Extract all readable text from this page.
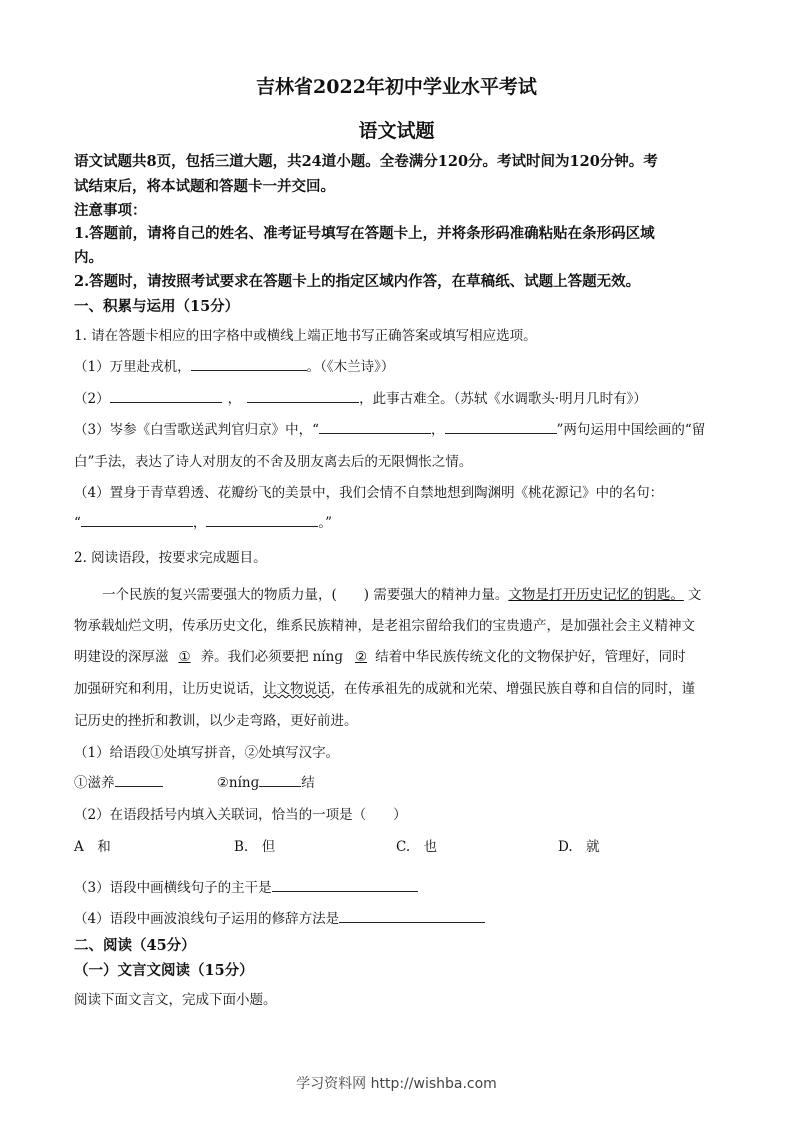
吉林省2022年初中学业水平考试
语文试题
语文试题共8页，包括三道大题，共24道小题。全卷满分120分。考试时间为120分钟。考
试结束后，将本试题和答题卡一并交回。
注意事项：
1.答题前，请将自己的姓名、准考证号填写在答题卡上，并将条形码准确粘贴在条形码区域
内。
2.答题时，请按照考试要求在答题卡上的指定区域内作答，在草稿纸、试题上答题无效。
一、积累与运用（15分）
1. 请在答题卡相应的田字格中或横线上端正地书写正确答案或填写相应选项。
（1）万里赴戎机，	。（《木兰诗》）
（2）	，	，此事古难全。（苏轼《水调歌头·明月几时有》）
（3）岑参《白雪歌送武判官归京》中，“	，	”两句运用中国绘画的“留
白”手法，表达了诗人对朋友的不舍及朋友离去后的无限惆怅之情。
（4）置身于青草碧透、花瓣纷飞的美景中，我们会情不自禁地想到陶渊明《桃花源记》中的名句：
“	，	。”
2. 阅读语段，按要求完成题目。
一个民族的复兴需要强大的物质力量，(　　) 需要强大的精神力量。文物是打开历史记忆的钥匙。 文
物承载灿烂文明，传承历史文化，维系民族精神，是老祖宗留给我们的宝贵遗产，是加强社会主义精神文
明建设的深厚滋 ① 养。我们必须要把 nínɡ ② 结着中华民族传统文化的文物保护好，管理好，同时
加强研究和利用，让历史说话，让文物说话，在传承祖先的成就和光荣、增强民族自尊和自信的同时，谨
记历史的挫折和教训，以少走弯路，更好前进。
（1）给语段①处填写拼音，②处填写汉字。
①滋养	②nínɡ	结
（2）在语段括号内填入关联词，恰当的一项是（　　）
A　和	B.　但	C.　也	D.　就
（3）语段中画横线句子的主干是
（4）语段中画波浪线句子运用的修辞方法是
二、阅读（45分）
（一）文言文阅读（15分）
阅读下面文言文，完成下面小题。
学习资料网 http://wishba.com
